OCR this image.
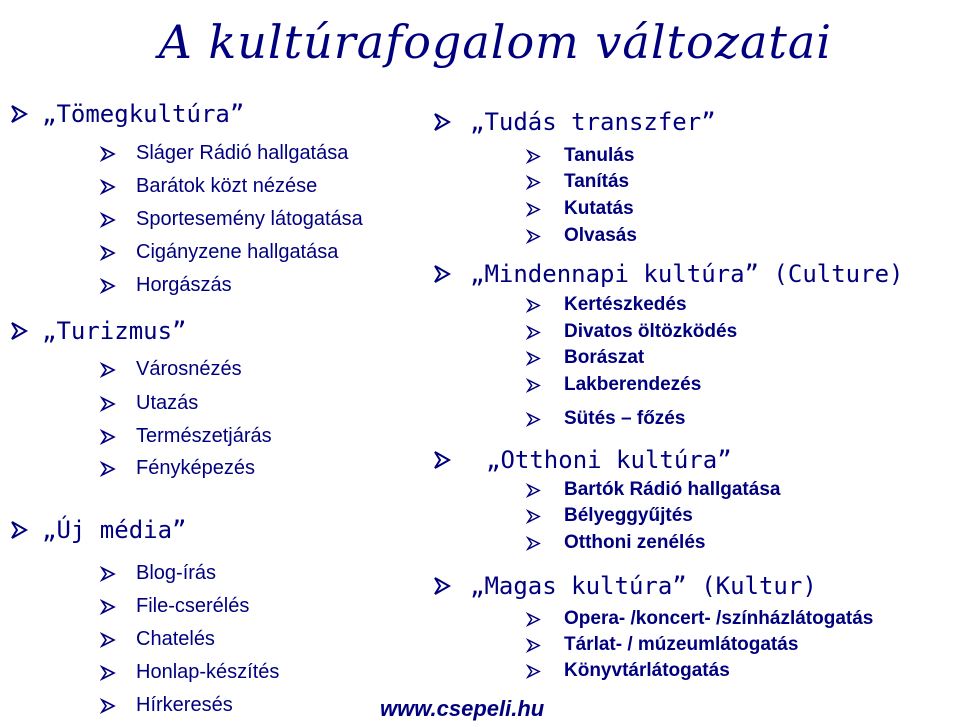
A kultúrafogalom változatai
„Tömegkultúra”
Sláger Rádió hallgatása
Barátok közt nézése
Sportesemény látogatása
Cigányzene hallgatása
Horgászás
„Turizmus”
Városnézés
Utazás
Természetjárás
Fényképezés
„Új média”
Blog-írás
File-cserélés
Chatelés
Honlap-készítés
Hírkeresés
„Tudás transzfer”
Tanulás
Tanítás
Kutatás
Olvasás
„Mindennapi kultúra” (Culture)
Kertészkedés
Divatos öltözködés
Borászat
Lakberendezés
Sütés – főzés
„Otthoni kultúra”
Bartók Rádió hallgatása
Bélyeggyűjtés
Otthoni zenélés
„Magas kultúra” (Kultur)
Opera- /koncert- /színházlátogatás
Tárlat- / múzeumlátogatás
Könyvtárlátogatás
www.csepeli.hu
